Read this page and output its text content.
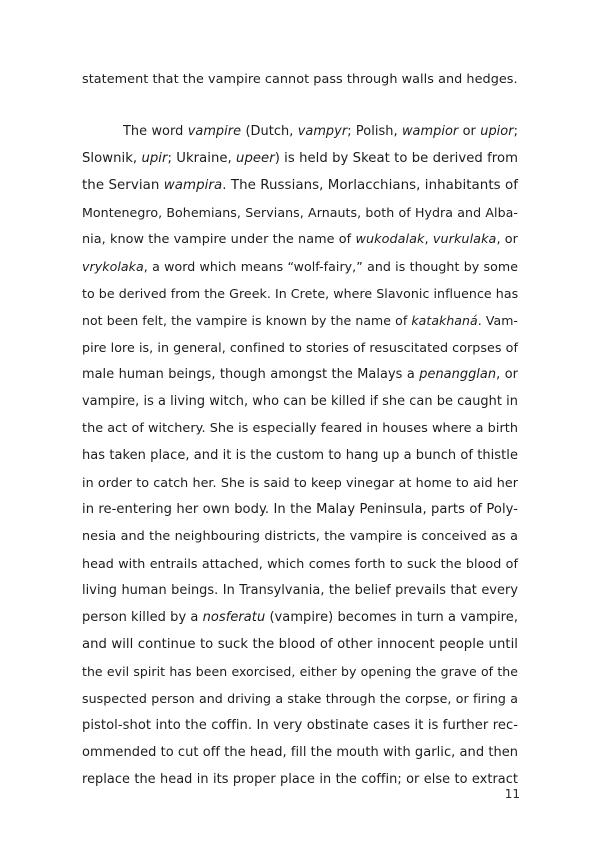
statement that the vampire cannot pass through walls and hedges.
The word vampire (Dutch, vampyr; Polish, wampior or upior;
Slownik, upir; Ukraine, upeer) is held by Skeat to be derived from
the Servian wampira. The Russians, Morlacchians, inhabitants of
Montenegro, Bohemians, Servians, Arnauts, both of Hydra and Alba-
nia, know the vampire under the name of wukodalak, vurkulaka, or
vrykolaka, a word which means “wolf-fairy,” and is thought by some
to be derived from the Greek. In Crete, where Slavonic influence has
not been felt, the vampire is known by the name of katakhaná. Vam-
pire lore is, in general, confined to stories of resuscitated corpses of
male human beings, though amongst the Malays a penangglan, or
vampire, is a living witch, who can be killed if she can be caught in
the act of witchery. She is especially feared in houses where a birth
has taken place, and it is the custom to hang up a bunch of thistle
in order to catch her. She is said to keep vinegar at home to aid her
in re-entering her own body. In the Malay Peninsula, parts of Poly-
nesia and the neighbouring districts, the vampire is conceived as a
head with entrails attached, which comes forth to suck the blood of
living human beings. In Transylvania, the belief prevails that every
person killed by a nosferatu (vampire) becomes in turn a vampire,
and will continue to suck the blood of other innocent people until
the evil spirit has been exorcised, either by opening the grave of the
suspected person and driving a stake through the corpse, or firing a
pistol-shot into the coffin. In very obstinate cases it is further rec-
ommended to cut off the head, fill the mouth with garlic, and then
replace the head in its proper place in the coffin; or else to extract
11
